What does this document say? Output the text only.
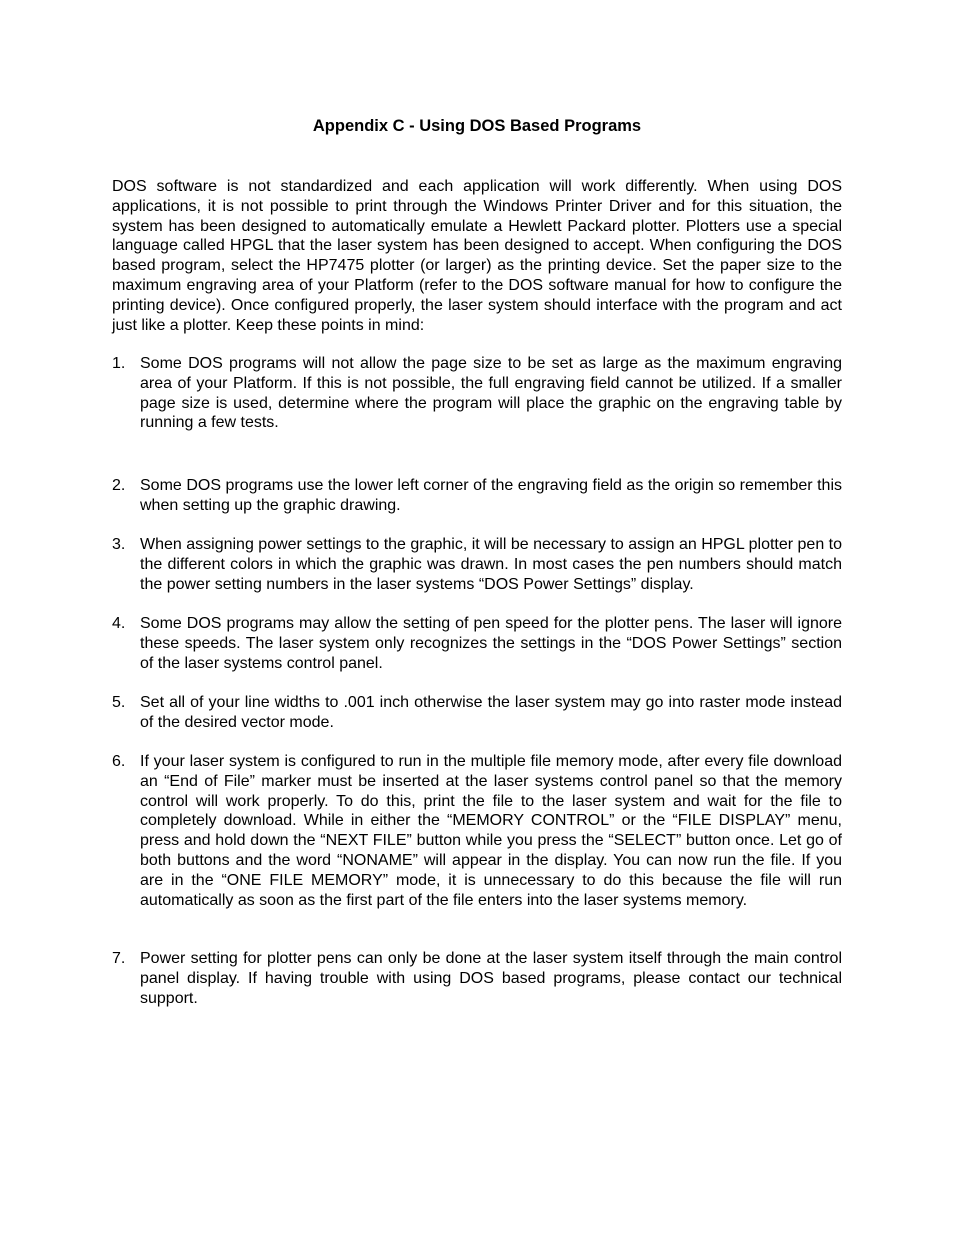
Appendix C - Using DOS Based Programs

DOS software is not standardized and each application will work differently. When using DOS applications, it is not possible to print through the Windows Printer Driver and for this situation, the system has been designed to automatically emulate a Hewlett Packard plotter. Plotters use a special language called HPGL that the laser system has been designed to accept. When configuring the DOS based program, select the HP7475 plotter (or larger) as the printing device. Set the paper size to the maximum engraving area of your Platform (refer to the DOS software manual for how to configure the printing device). Once configured properly, the laser system should interface with the program and act just like a plotter. Keep these points in mind:

1. Some DOS programs will not allow the page size to be set as large as the maximum engraving area of your Platform. If this is not possible, the full engraving field cannot be utilized. If a smaller page size is used, determine where the program will place the graphic on the engraving table by running a few tests.
2. Some DOS programs use the lower left corner of the engraving field as the origin so remember this when setting up the graphic drawing.
3. When assigning power settings to the graphic, it will be necessary to assign an HPGL plotter pen to the different colors in which the graphic was drawn. In most cases the pen numbers should match the power setting numbers in the laser systems “DOS Power Settings” display.
4. Some DOS programs may allow the setting of pen speed for the plotter pens. The laser will ignore these speeds. The laser system only recognizes the settings in the “DOS Power Settings” section of the laser systems control panel.
5. Set all of your line widths to .001 inch otherwise the laser system may go into raster mode instead of the desired vector mode.
6. If your laser system is configured to run in the multiple file memory mode, after every file download an “End of File” marker must be inserted at the laser systems control panel so that the memory control will work properly. To do this, print the file to the laser system and wait for the file to completely download. While in either the “MEMORY CONTROL” or the “FILE DISPLAY” menu, press and hold down the “NEXT FILE” button while you press the “SELECT” button once. Let go of both buttons and the word “NONAME” will appear in the display. You can now run the file. If you are in the “ONE FILE MEMORY” mode, it is unnecessary to do this because the file will run automatically as soon as the first part of the file enters into the laser systems memory.
7. Power setting for plotter pens can only be done at the laser system itself through the main control panel display. If having trouble with using DOS based programs, please contact our technical support.
